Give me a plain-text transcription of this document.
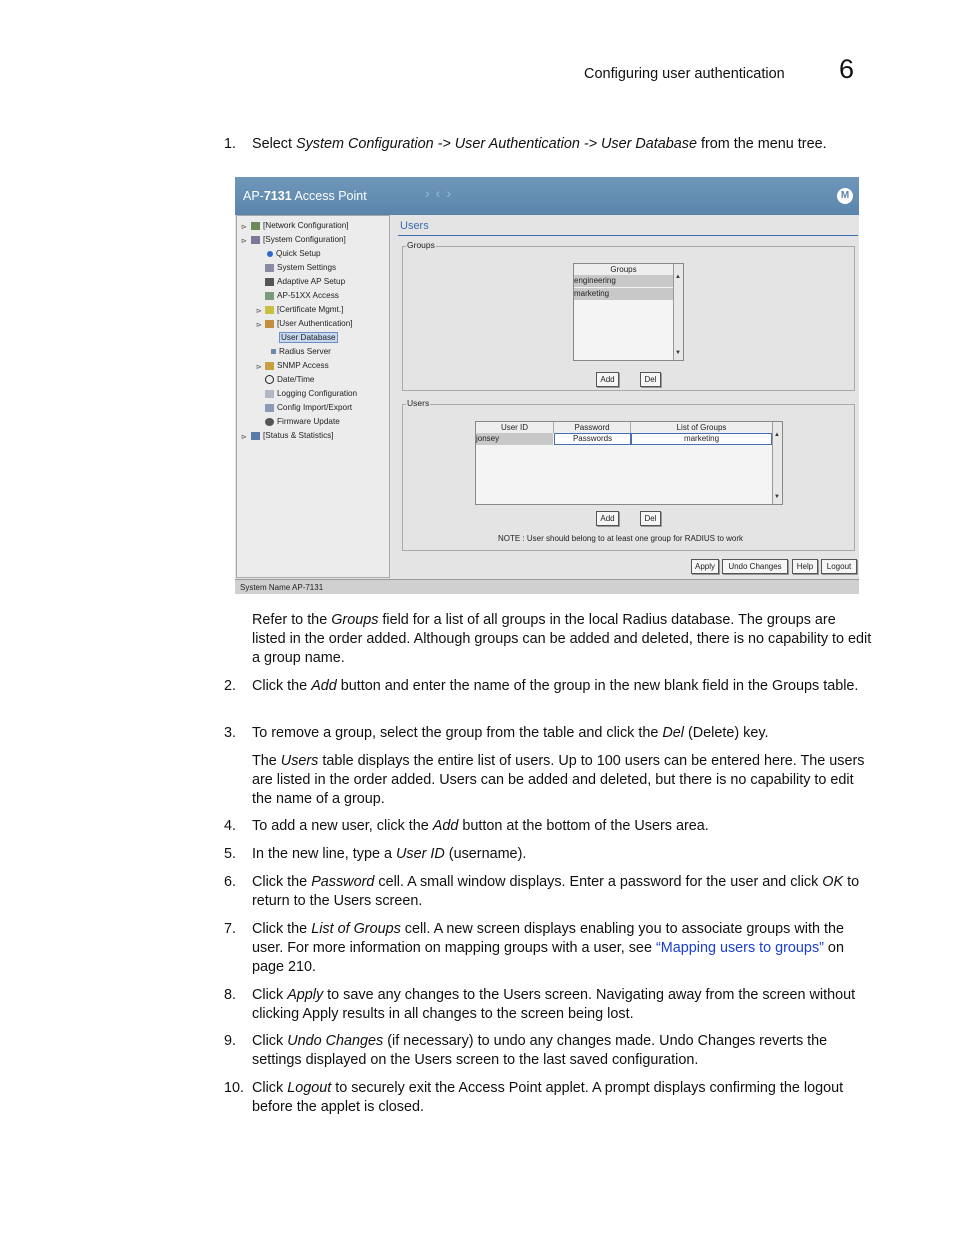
Configuring user authentication 6
1. Select System Configuration -> User Authentication -> User Database from the menu tree.
AP-7131 Access Point	›‹›	M
⊳	[Network Configuration]
⊳	[System Configuration]
Quick Setup
System Settings
Adaptive AP Setup
AP-51XX Access
⊳	[Certificate Mgmt.]
⊳	[User Authentication]
User Database
Radius Server
⊳	SNMP Access
Date/Time
Logging Configuration
Config Import/Export
Firmware Update
⊳	[Status & Statistics]
Users
Groups
Groups
engineering
marketing
▲
▼
Add	Del
Users
User ID	Password	List of Groups
jonsey	Passwords	marketing	▲
▼
Add	Del
NOTE : User should belong to at least one group for RADIUS to work
Apply	Undo Changes	Help	Logout
System Name AP-7131
Refer to the Groups field for a list of all groups in the local Radius database. The groups are listed in the order added. Although groups can be added and deleted, there is no capability to edit a group name.
2. Click the Add button and enter the name of the group in the new blank field in the Groups table.
3. To remove a group, select the group from the table and click the Del (Delete) key.
The Users table displays the entire list of users. Up to 100 users can be entered here. The users are listed in the order added. Users can be added and deleted, but there is no capability to edit the name of a group.
4. To add a new user, click the Add button at the bottom of the Users area.
5. In the new line, type a User ID (username).
6. Click the Password cell. A small window displays. Enter a password for the user and click OK to return to the Users screen.
7. Click the List of Groups cell. A new screen displays enabling you to associate groups with the user. For more information on mapping groups with a user, see “Mapping users to groups” on page 210.
8. Click Apply to save any changes to the Users screen. Navigating away from the screen without clicking Apply results in all changes to the screen being lost.
9. Click Undo Changes (if necessary) to undo any changes made. Undo Changes reverts the settings displayed on the Users screen to the last saved configuration.
10. Click Logout to securely exit the Access Point applet. A prompt displays confirming the logout before the applet is closed.
